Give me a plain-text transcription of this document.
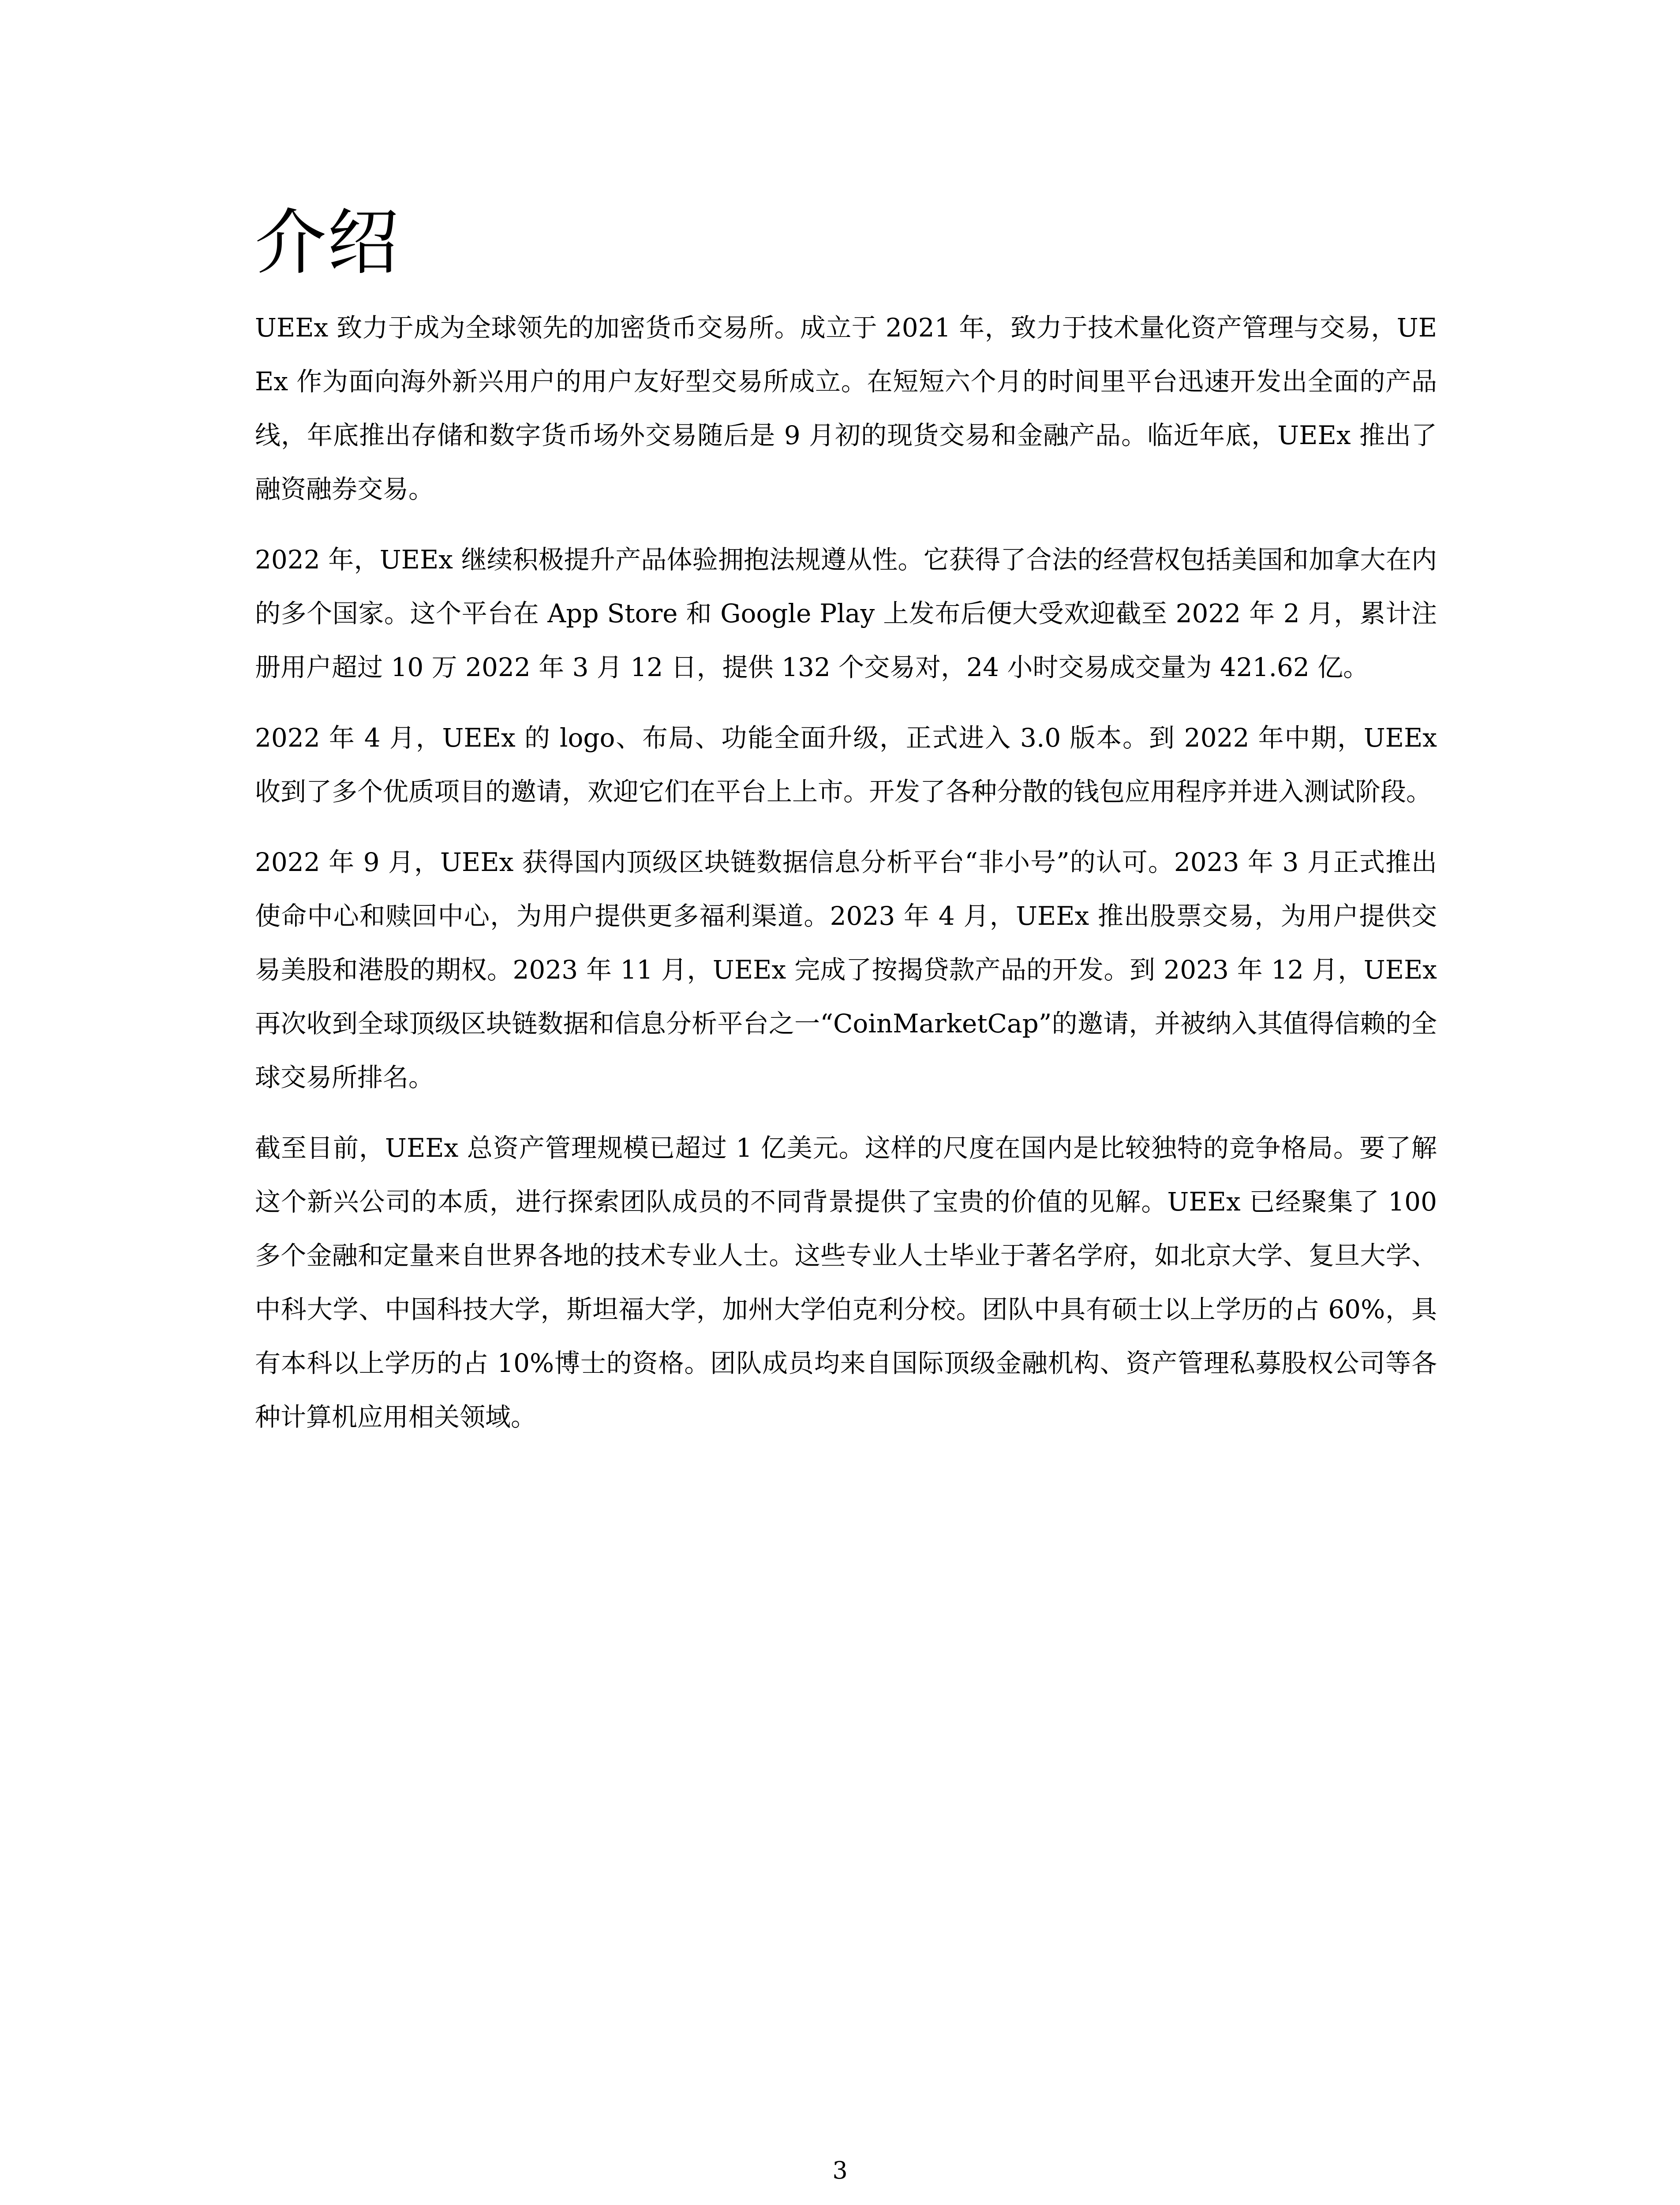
介绍

UEEx 致力于成为全球领先的加密货币交易所。成立于 2021 年，致力于技术量化资产管理与交易，UEEx 作为面向海外新兴用户的用户友好型交易所成立。在短短六个月的时间里平台迅速开发出全面的产品线，年底推出存储和数字货币场外交易随后是 9 月初的现货交易和金融产品。临近年底，UEEx 推出了融资融券交易。

2022 年，UEEx 继续积极提升产品体验拥抱法规遵从性。它获得了合法的经营权包括美国和加拿大在内的多个国家。这个平台在 App Store 和 Google Play 上发布后便大受欢迎截至 2022 年 2 月，累计注册用户超过 10 万 2022 年 3 月 12 日，提供 132 个交易对，24 小时交易成交量为 421.62 亿。

2022 年 4 月，UEEx 的 logo、布局、功能全面升级，正式进入 3.0 版本。到 2022 年中期，UEEx 收到了多个优质项目的邀请，欢迎它们在平台上上市。开发了各种分散的钱包应用程序并进入测试阶段。

2022 年 9 月，UEEx 获得国内顶级区块链数据信息分析平台“非小号”的认可。2023 年 3 月正式推出使命中心和赎回中心，为用户提供更多福利渠道。2023 年 4 月，UEEx 推出股票交易，为用户提供交易美股和港股的期权。2023 年 11 月，UEEx 完成了按揭贷款产品的开发。到 2023 年 12 月，UEEx 再次收到全球顶级区块链数据和信息分析平台之一“CoinMarketCap”的邀请，并被纳入其值得信赖的全球交易所排名。

截至目前，UEEx 总资产管理规模已超过 1 亿美元。这样的尺度在国内是比较独特的竞争格局。要了解这个新兴公司的本质，进行探索团队成员的不同背景提供了宝贵的价值的见解。UEEx 已经聚集了 100 多个金融和定量来自世界各地的技术专业人士。这些专业人士毕业于著名学府，如北京大学、复旦大学、中科大学、中国科技大学，斯坦福大学，加州大学伯克利分校。团队中具有硕士以上学历的占 60%，具有本科以上学历的占 10%博士的资格。团队成员均来自国际顶级金融机构、资产管理私募股权公司等各种计算机应用相关领域。

3
